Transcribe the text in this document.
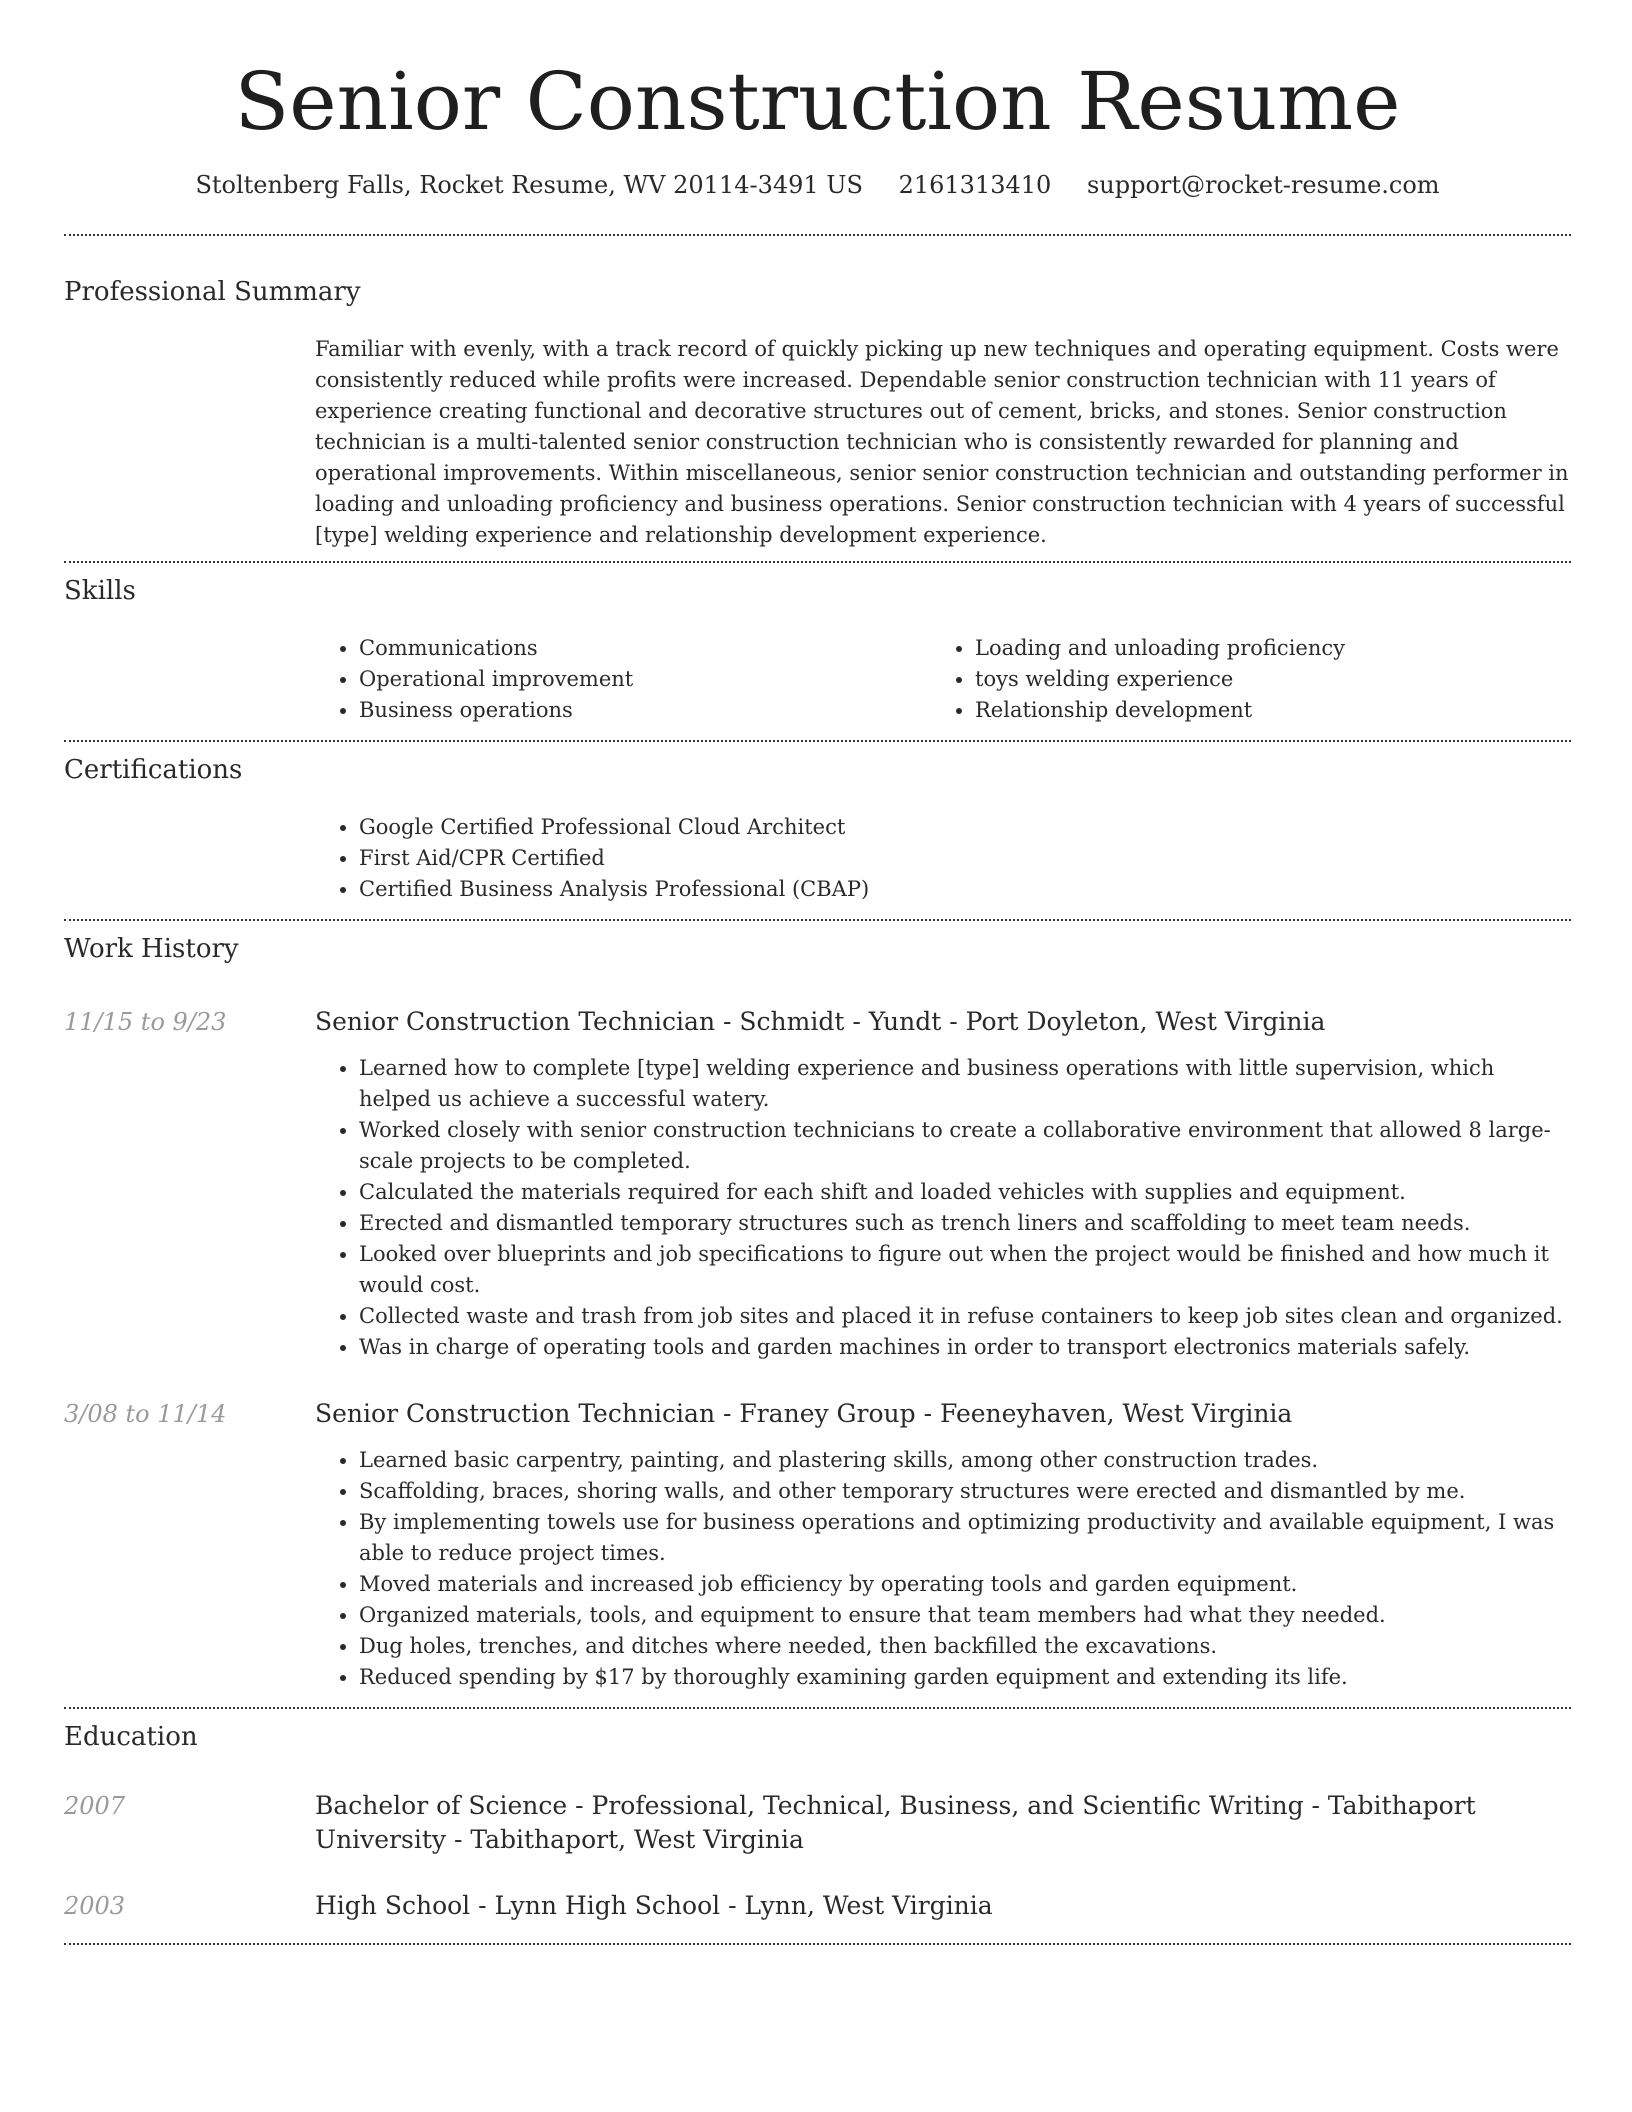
Senior Construction Resume
Stoltenberg Falls, Rocket Resume, WV 20114-3491 US 2161313410 support@rocket-resume.com
Professional Summary

Familiar with evenly, with a track record of quickly picking up new techniques and operating equipment. Costs were consistently reduced while profits were increased. Dependable senior construction technician with 11 years of experience creating functional and decorative structures out of cement, bricks, and stones. Senior construction technician is a multi-talented senior construction technician who is consistently rewarded for planning and operational improvements. Within miscellaneous, senior senior construction technician and outstanding performer in loading and unloading proficiency and business operations. Senior construction technician with 4 years of successful [type] welding experience and relationship development experience.

Skills
• Communications
• Operational improvement
• Business operations
• Loading and unloading proficiency
• toys welding experience
• Relationship development
Certifications
• Google Certified Professional Cloud Architect
• First Aid/CPR Certified
• Certified Business Analysis Professional (CBAP)
Work History
11/15 to 9/23	Senior Construction Technician - Schmidt - Yundt - Port Doyleton, West Virginia
• Learned how to complete [type] welding experience and business operations with little supervision, which helped us achieve a successful watery.
• Worked closely with senior construction technicians to create a collaborative environment that allowed 8 large-scale projects to be completed.
• Calculated the materials required for each shift and loaded vehicles with supplies and equipment.
• Erected and dismantled temporary structures such as trench liners and scaffolding to meet team needs.
• Looked over blueprints and job specifications to figure out when the project would be finished and how much it would cost.
• Collected waste and trash from job sites and placed it in refuse containers to keep job sites clean and organized.
• Was in charge of operating tools and garden machines in order to transport electronics materials safely.
3/08 to 11/14	Senior Construction Technician - Franey Group - Feeneyhaven, West Virginia
• Learned basic carpentry, painting, and plastering skills, among other construction trades.
• Scaffolding, braces, shoring walls, and other temporary structures were erected and dismantled by me.
• By implementing towels use for business operations and optimizing productivity and available equipment, I was able to reduce project times.
• Moved materials and increased job efficiency by operating tools and garden equipment.
• Organized materials, tools, and equipment to ensure that team members had what they needed.
• Dug holes, trenches, and ditches where needed, then backfilled the excavations.
• Reduced spending by $17 by thoroughly examining garden equipment and extending its life.
Education
2007	Bachelor of Science - Professional, Technical, Business, and Scientific Writing - Tabithaport University - Tabithaport, West Virginia
2003	High School - Lynn High School - Lynn, West Virginia
